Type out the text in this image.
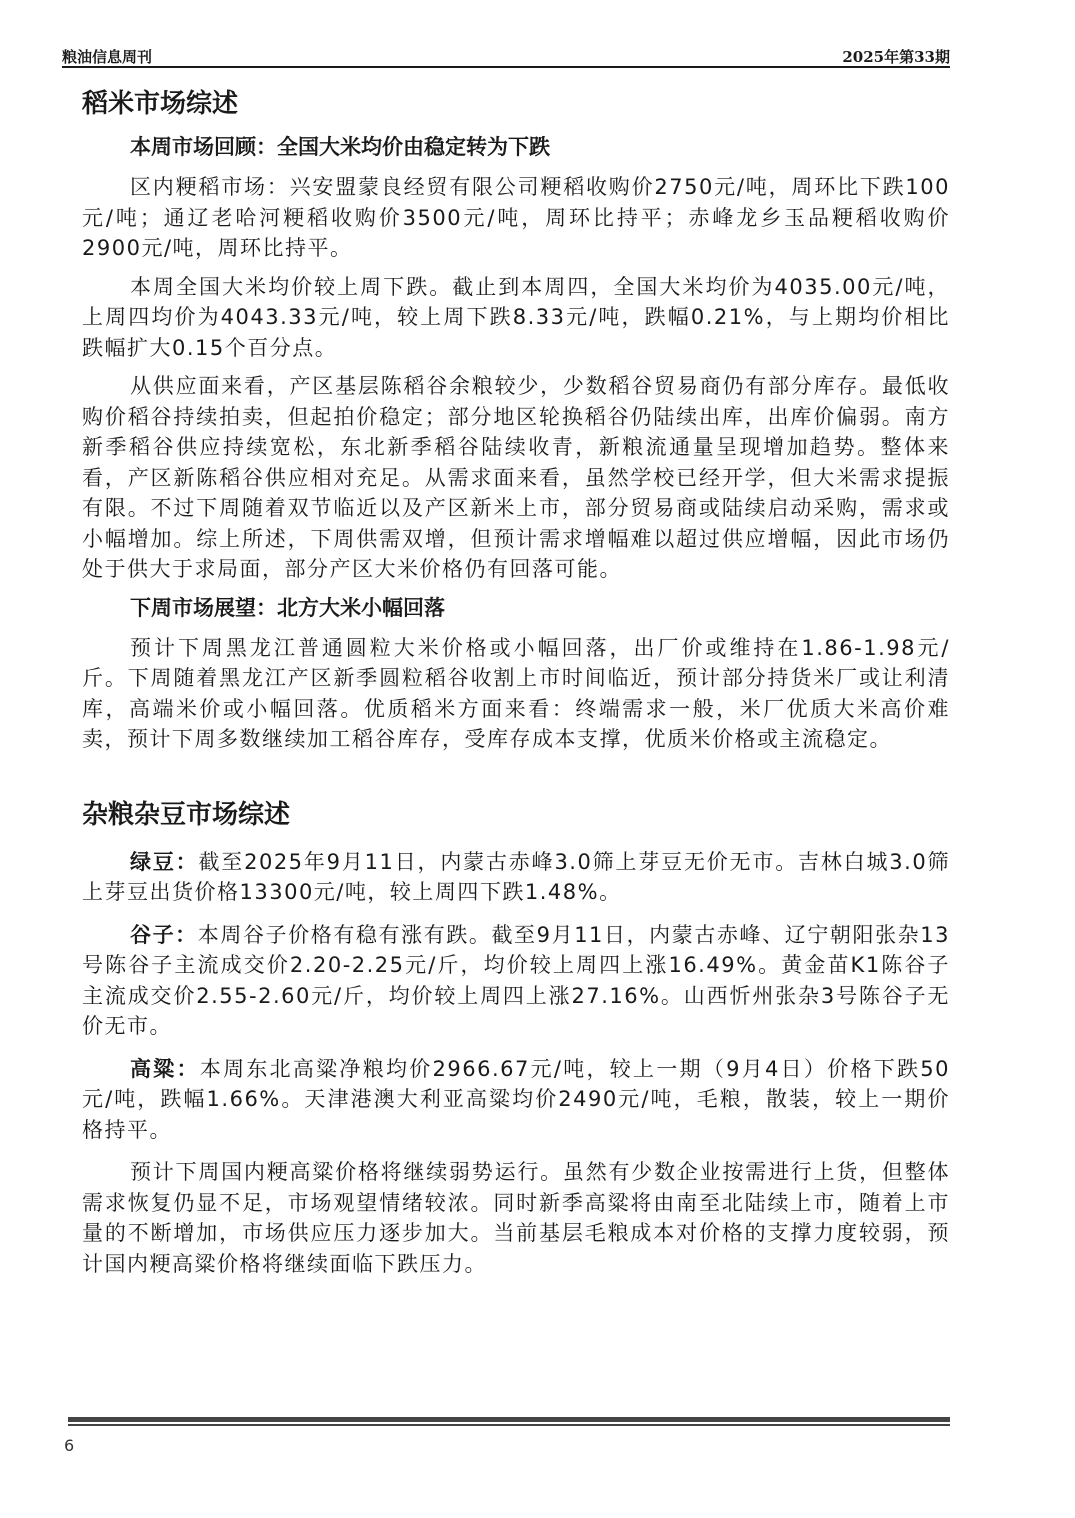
粮油信息周刊	2025年第33期
稻米市场综述
本周市场回顾：全国大米均价由稳定转为下跌

区内粳稻市场：兴安盟蒙良经贸有限公司粳稻收购价2750元/吨，周环比下跌100元/吨；通辽老哈河粳稻收购价3500元/吨，周环比持平；赤峰龙乡玉品粳稻收购价2900元/吨，周环比持平。

本周全国大米均价较上周下跌。截止到本周四，全国大米均价为4035.00元/吨，上周四均价为4043.33元/吨，较上周下跌8.33元/吨，跌幅0.21%，与上期均价相比跌幅扩大0.15个百分点。

从供应面来看，产区基层陈稻谷余粮较少，少数稻谷贸易商仍有部分库存。最低收购价稻谷持续拍卖，但起拍价稳定；部分地区轮换稻谷仍陆续出库，出库价偏弱。南方新季稻谷供应持续宽松，东北新季稻谷陆续收青，新粮流通量呈现增加趋势。整体来看，产区新陈稻谷供应相对充足。从需求面来看，虽然学校已经开学，但大米需求提振有限。不过下周随着双节临近以及产区新米上市，部分贸易商或陆续启动采购，需求或小幅增加。综上所述，下周供需双增，但预计需求增幅难以超过供应增幅，因此市场仍处于供大于求局面，部分产区大米价格仍有回落可能。

下周市场展望：北方大米小幅回落

预计下周黑龙江普通圆粒大米价格或小幅回落，出厂价或维持在1.86-1.98元/斤。下周随着黑龙江产区新季圆粒稻谷收割上市时间临近，预计部分持货米厂或让利清库，高端米价或小幅回落。优质稻米方面来看：终端需求一般，米厂优质大米高价难卖，预计下周多数继续加工稻谷库存，受库存成本支撑，优质米价格或主流稳定。

杂粮杂豆市场综述

绿豆：截至2025年9月11日，内蒙古赤峰3.0筛上芽豆无价无市。吉林白城3.0筛上芽豆出货价格13300元/吨，较上周四下跌1.48%。

谷子：本周谷子价格有稳有涨有跌。截至9月11日，内蒙古赤峰、辽宁朝阳张杂13号陈谷子主流成交价2.20-2.25元/斤，均价较上周四上涨16.49%。黄金苗K1陈谷子主流成交价2.55-2.60元/斤，均价较上周四上涨27.16%。山西忻州张杂3号陈谷子无价无市。

高粱：本周东北高粱净粮均价2966.67元/吨，较上一期（9月4日）价格下跌50元/吨，跌幅1.66%。天津港澳大利亚高粱均价2490元/吨，毛粮，散装，较上一期价格持平。

预计下周国内粳高粱价格将继续弱势运行。虽然有少数企业按需进行上货，但整体需求恢复仍显不足，市场观望情绪较浓。同时新季高粱将由南至北陆续上市，随着上市量的不断增加，市场供应压力逐步加大。当前基层毛粮成本对价格的支撑力度较弱，预计国内粳高粱价格将继续面临下跌压力。

6
